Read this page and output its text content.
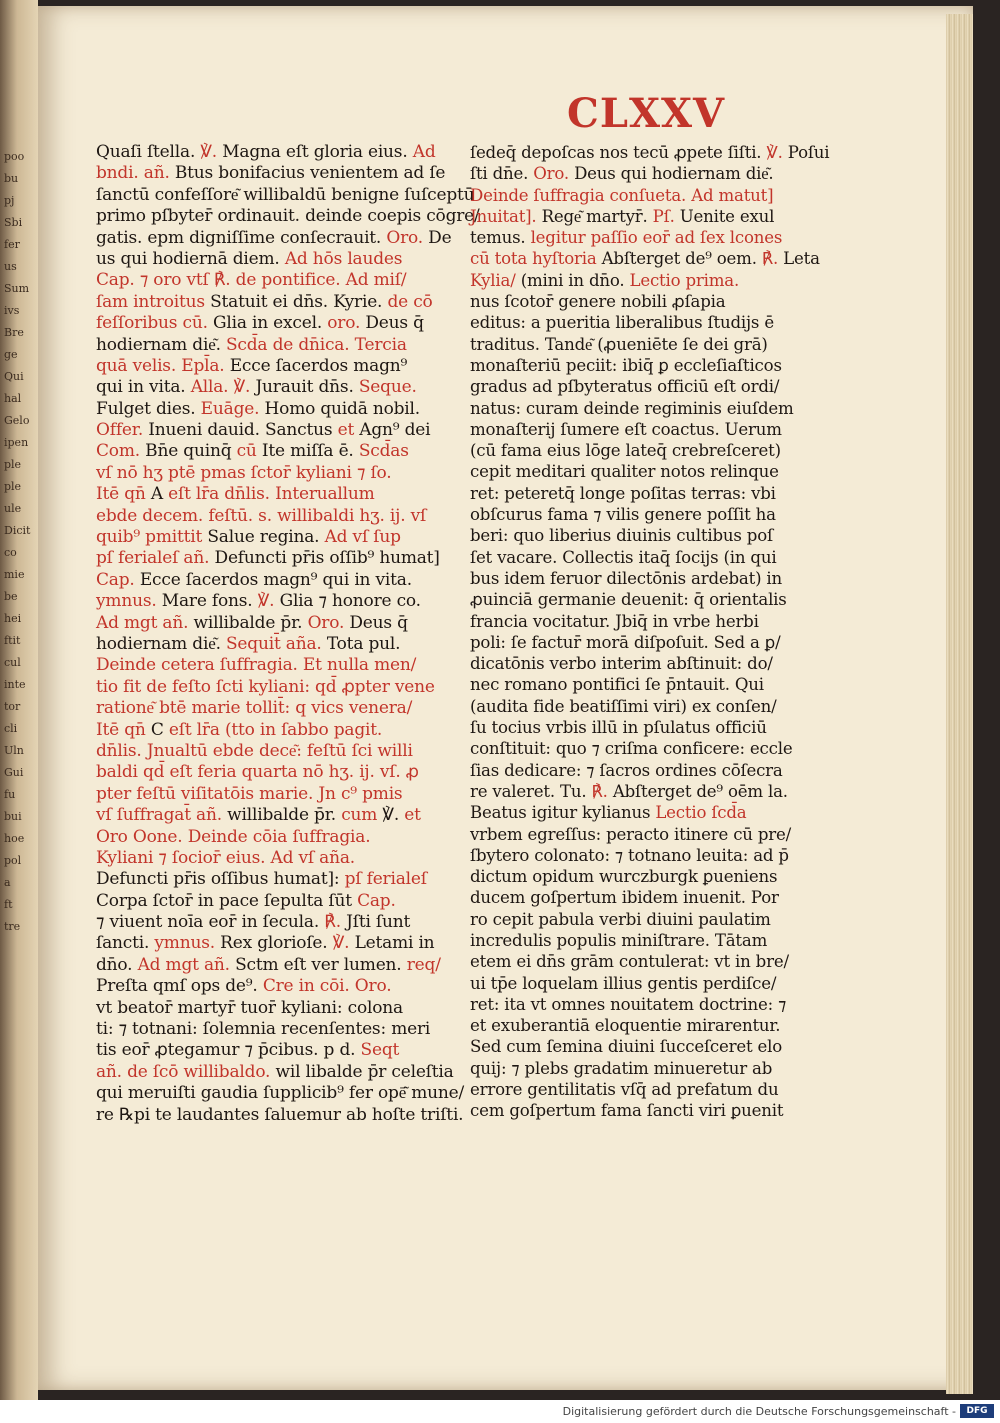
poo
bu
pj
Sbi
fer
us
Sum
ivs
Bre
ge
Qui
hal
Gelo
ipen
ple
ple
ule
Dicit
co
mie
be
hei
ftit
cul
inte
tor
cli
Uln
Gui
fu
bui
hoe
pol
a
ft
tre
CLXXV
Quaſi ſtella. ℣. Magna eſt gloria eius. Ad
bndi. añ. Btus bonifacius venientem ad ſe
ſanctū confeſſore͂ willibaldū benigne ſuſceptū
primo pſbyter̄ ordinauit. deinde coepis cōgre/
gatis. epm digniſſime conſecrauit. Oro. De
us qui hodiernā diem. Ad hōs laudes
Cap. ⁊ oro vtſ ℟. de pontifice. Ad miſ/
ſam introitus Statuit ei dn̄s. Kyrie. de cō
feſſoribus cū. Glia in excel. oro. Deus q̄
hodiernam die͂. Scd̄a de dn̄ica. Tercia
quā velis. Epl̄a. Ecce ſacerdos magn⁹
qui in vita. Alla. ℣. Jurauit dn̄s. Seque.
Fulget dies. Euāge. Homo quidā nobil.
Offer. Inueni dauid. Sanctus et Agn⁹ dei
Com. Bn̄e quinq̄ cū Ite miſſa ē. Scd̄as
vſ nō hʒ ptē pmas ſctor̄ kyliani ⁊ ſo.
Itē qn̄ A eſt lr̄a dn̄lis. Interuallum
ebde decem. feſtū. s. willibaldi hʒ. ij. vſ
quib⁹ pmittit Salue regina. Ad vſ ſup
pſ ferialeſ añ. Defuncti pr̄is oſſib⁹ humat]
Cap. Ecce ſacerdos magn⁹ qui in vita.
ymnus. Mare fons. ℣. Glia ⁊ honore co.
Ad mgt añ. willibalde p̄r. Oro. Deus q̄
hodiernam die͂. Sequit̄ aña. Tota pul.
Deinde cetera ſuffragia. Et nulla men/
tio fit de feſto ſcti kyliani: qd̄ ꝓpter vene
ratione͂ btē marie tollit̄: q vics venera/
Itē qn̄ C eſt lr̄a (tto in ſabbo pagit.
dn̄lis. Jnualtū ebde dece͂: feſtū ſci willi
baldi qd̄ eſt feria quarta nō hʒ. ij. vſ. ꝓ
pter feſtū viſitatōis marie. Jn c⁹ pmis
vſ ſuffragat̄ añ. willibalde p̄r. cum ℣. et
Oro Oone. Deinde cōia ſuffragia.
Kyliani ⁊ ſocior̄ eius. Ad vſ aña.
Defuncti pr̄is oſſibus humat]: pſ ferialeſ
Corpa ſctor̄ in pace ſepulta ſūt Cap.
⁊ viuent noīa eor̄ in ſecula. ℟. Jſti ſunt
ſancti. ymnus. Rex glorioſe. ℣. Letami in
dn̄o. Ad mgt añ. Sctm eſt ver lumen. req/
Preſta qmſ ops de⁹. Cre in cōi. Oro.
vt beator̄ martyr̄ tuor̄ kyliani: colona
ti: ⁊ totnani: ſolemnia recenſentes: meri
tis eor̄ ꝓtegamur ⁊ p̄cibus. p d. Seqt
añ. de ſcō willibaldo. wil libalde p̄r celeſtia
qui meruiſti gaudia ſupplicib⁹ fer opē͂ mune/
re ℞pi te laudantes ſaluemur ab hoſte triſti.
ſedeq̄ depoſcas nos tecū ꝓpete ſiſti. ℣. Poſui
ſti dn̄e. Oro. Deus qui hodiernam die͂.
Deinde ſuffragia conſueta. Ad matut]
Jnuitat]. Rege͂ martyr̄. Pſ. Uenite exul
temus. legitur paſſio eor̄ ad ſex lcones
cū tota hyſtoria Abſterget de⁹ oem. ℟. Leta
Kylia/ (mini in dn̄o. Lectio prima.
nus ſcotor̄ genere nobili ꝓſapia
editus: a pueritia liberalibus ſtudijs ē
traditus. Tande͂ (ꝓueniēte ſe dei grā)
monaſteriū peciit: ibiq̄ ꝑ eccleſiaſticos
gradus ad pſbyteratus officiū eſt ordi/
natus: curam deinde regiminis eiuſdem
monaſterij ſumere eſt coactus. Uerum
(cū fama eius lōge lateq̄ crebreſceret)
cepit meditari qualiter notos relinque
ret: peteretq̄ longe poſitas terras: vbi
obſcurus fama ⁊ vilis genere poſſit ha
beri: quo liberius diuinis cultibus poſ
ſet vacare. Collectis itaq̄ ſocijs (in qui
bus idem feruor dilectōnis ardebat) in
ꝓuinciā germanie deuenit: q̄ orientalis
francia vocitatur. Jbiq̄ in vrbe herbi
poli: ſe factur̄ morā diſpoſuit. Sed a ꝑ/
dicatōnis verbo interim abſtinuit: do/
nec romano pontifici ſe p̄ntauit. Qui
(audita fide beatiſſimi viri) ex conſen/
ſu tocius vrbis illū in pſulatus officiū
conſtituit: quo ⁊ criſma conficere: eccle
ſias dedicare: ⁊ ſacros ordines cōſecra
re valeret. Tu. ℟. Abſterget de⁹ oēm la.
Beatus igitur kylianus Lectio ſcd̄a
vrbem egreſſus: peracto itinere cū pre/
ſbytero colonato: ⁊ totnano leuita: ad p̄
dictum opidum wurczburgk ꝑueniens
ducem goſpertum ibidem inuenit. Por
ro cepit pabula verbi diuini paulatim
incredulis populis miniſtrare. Tātam
etem ei dn̄s grām contulerat: vt in bre/
ui tp̄e loquelam illius gentis perdiſce/
ret: ita vt omnes nouitatem doctrine: ⁊
et exuberantiā eloquentie mirarentur.
Sed cum ſemina diuini ſucceſceret elo
quij: ⁊ plebs gradatim minueretur ab
errore gentilitatis vſq̄ ad prefatum du
cem goſpertum fama ſancti viri ꝑuenit
Digitalisierung gefördert durch die Deutsche Forschungsgemeinschaft -	DFG
